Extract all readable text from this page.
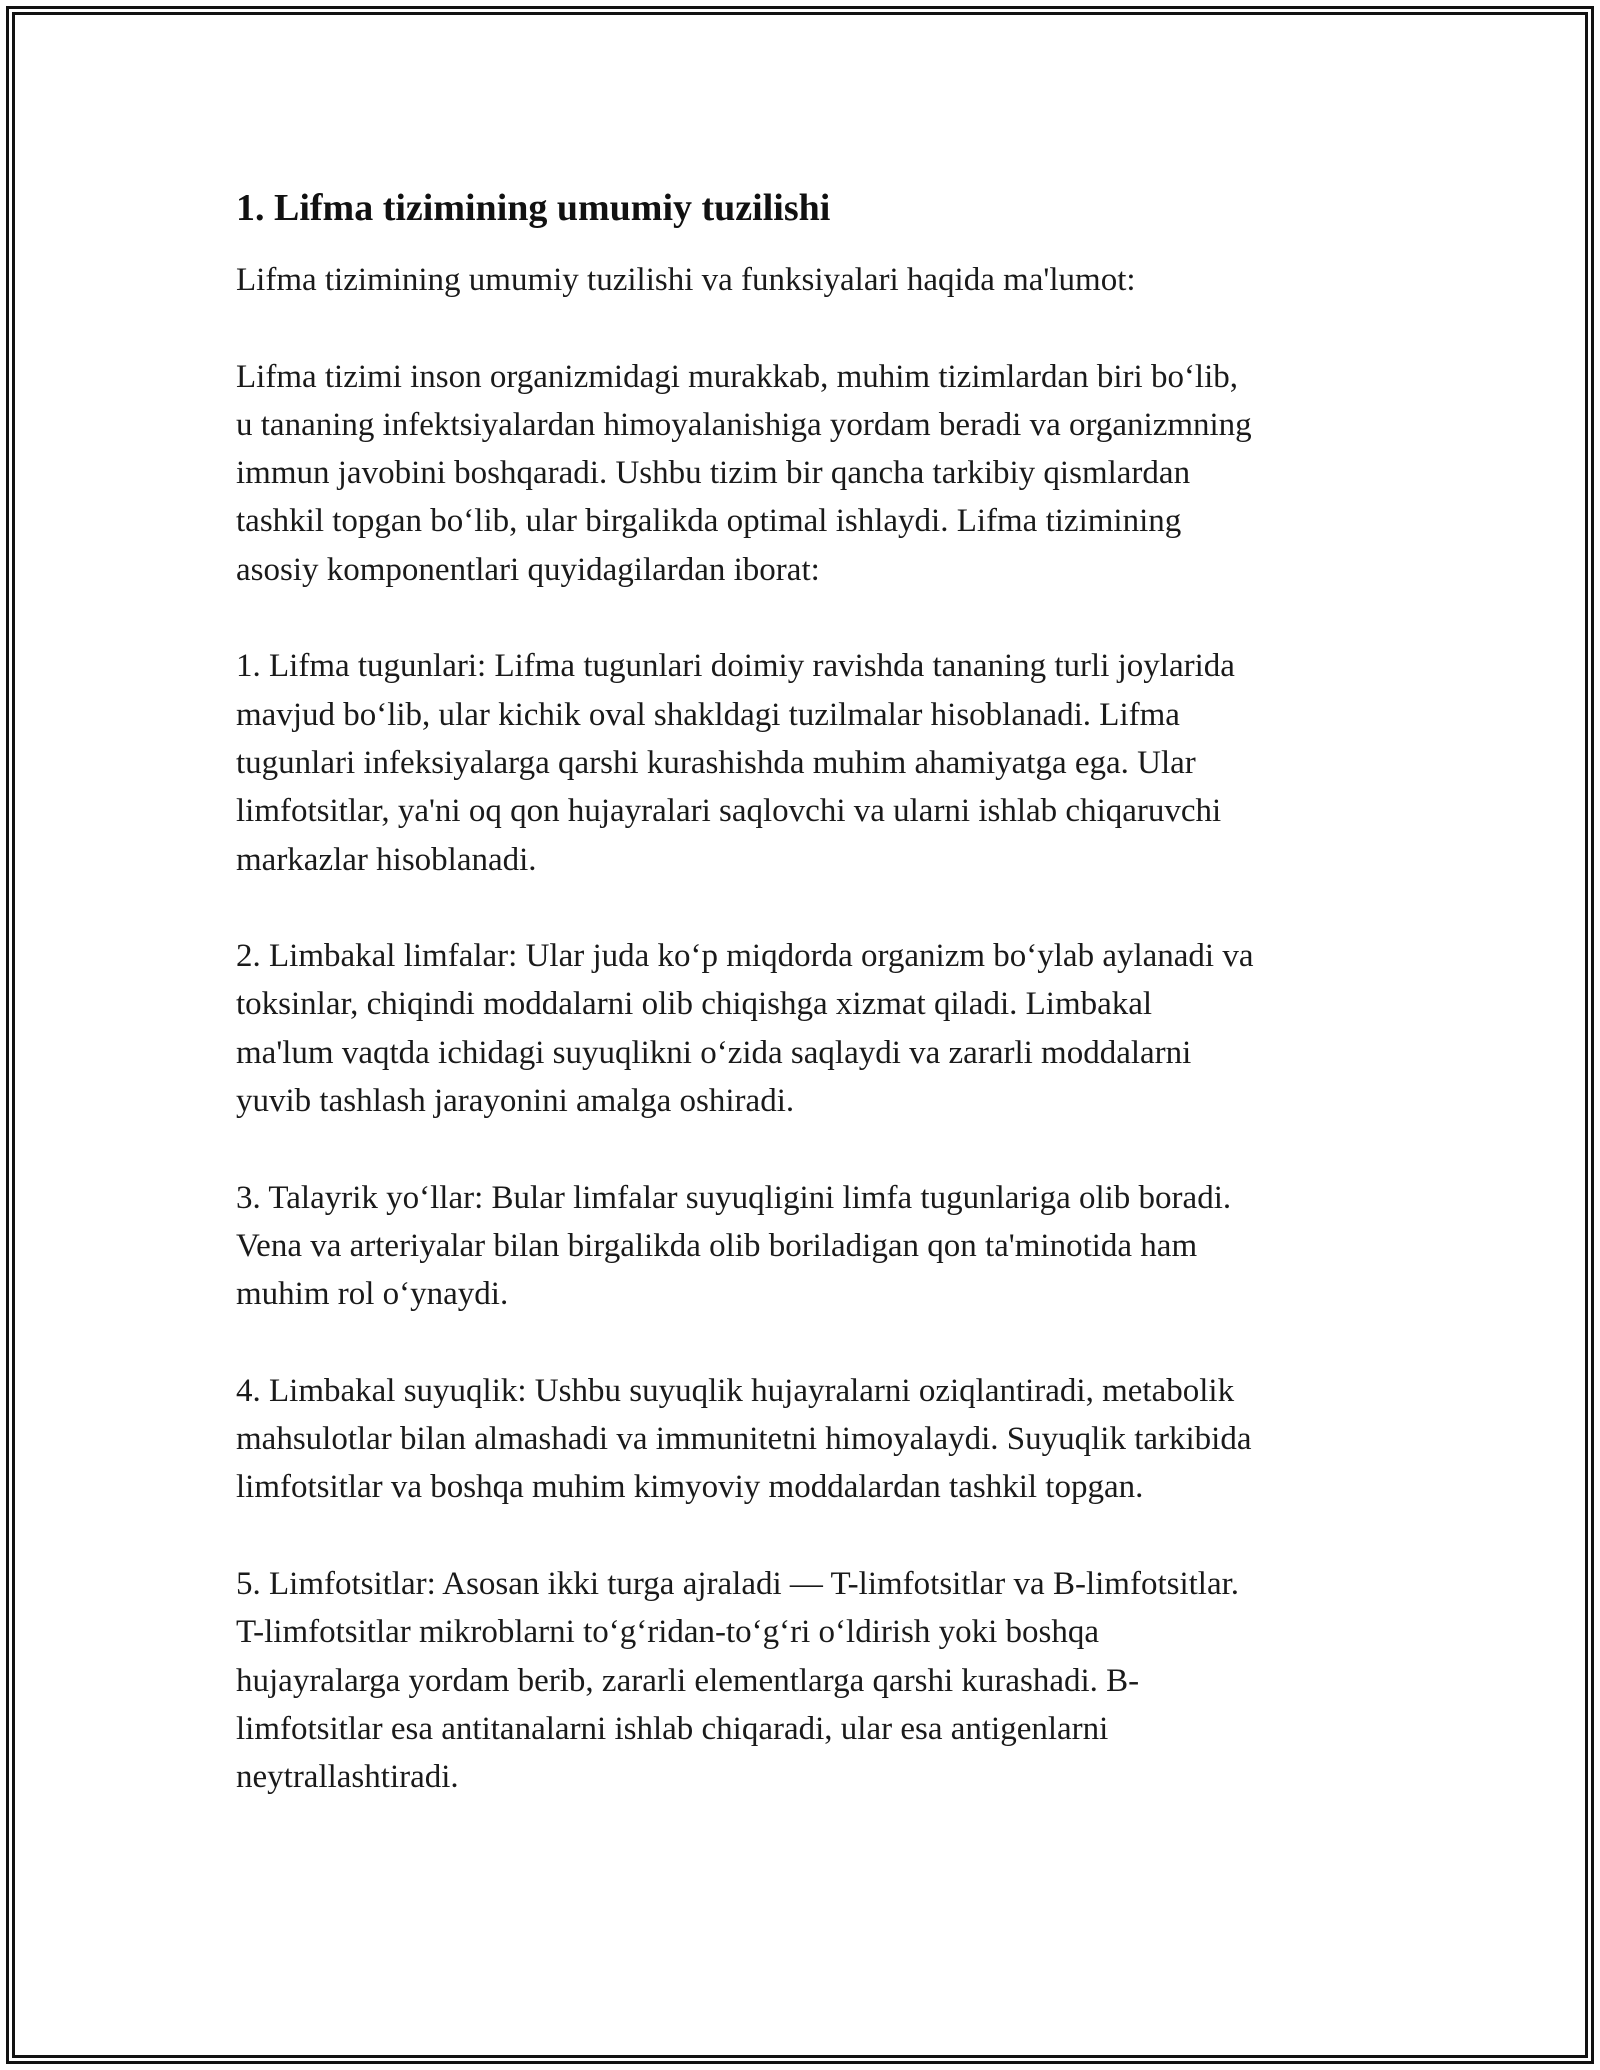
1. Lifma tizimining umumiy tuzilishi

Lifma tizimining umumiy tuzilishi va funksiyalari haqida ma'lumot:

Lifma tizimi inson organizmidagi murakkab, muhim tizimlardan biri bo‘lib,
u tananing infektsiyalardan himoyalanishiga yordam beradi va organizmning
immun javobini boshqaradi. Ushbu tizim bir qancha tarkibiy qismlardan
tashkil topgan bo‘lib, ular birgalikda optimal ishlaydi. Lifma tizimining
asosiy komponentlari quyidagilardan iborat:

1. Lifma tugunlari: Lifma tugunlari doimiy ravishda tananing turli joylarida
mavjud bo‘lib, ular kichik oval shakldagi tuzilmalar hisoblanadi. Lifma
tugunlari infeksiyalarga qarshi kurashishda muhim ahamiyatga ega. Ular
limfotsitlar, ya'ni oq qon hujayralari saqlovchi va ularni ishlab chiqaruvchi
markazlar hisoblanadi.

2. Limbakal limfalar: Ular juda ko‘p miqdorda organizm bo‘ylab aylanadi va
toksinlar, chiqindi moddalarni olib chiqishga xizmat qiladi. Limbakal
ma'lum vaqtda ichidagi suyuqlikni o‘zida saqlaydi va zararli moddalarni
yuvib tashlash jarayonini amalga oshiradi.

3. Talayrik yo‘llar: Bular limfalar suyuqligini limfa tugunlariga olib boradi.
Vena va arteriyalar bilan birgalikda olib boriladigan qon ta'minotida ham
muhim rol o‘ynaydi.

4. Limbakal suyuqlik: Ushbu suyuqlik hujayralarni oziqlantiradi, metabolik
mahsulotlar bilan almashadi va immunitetni himoyalaydi. Suyuqlik tarkibida
limfotsitlar va boshqa muhim kimyoviy moddalardan tashkil topgan.

5. Limfotsitlar: Asosan ikki turga ajraladi — T-limfotsitlar va B-limfotsitlar.
T-limfotsitlar mikroblarni to‘g‘ridan-to‘g‘ri o‘ldirish yoki boshqa
hujayralarga yordam berib, zararli elementlarga qarshi kurashadi. B-
limfotsitlar esa antitanalarni ishlab chiqaradi, ular esa antigenlarni
neytrallashtiradi.
